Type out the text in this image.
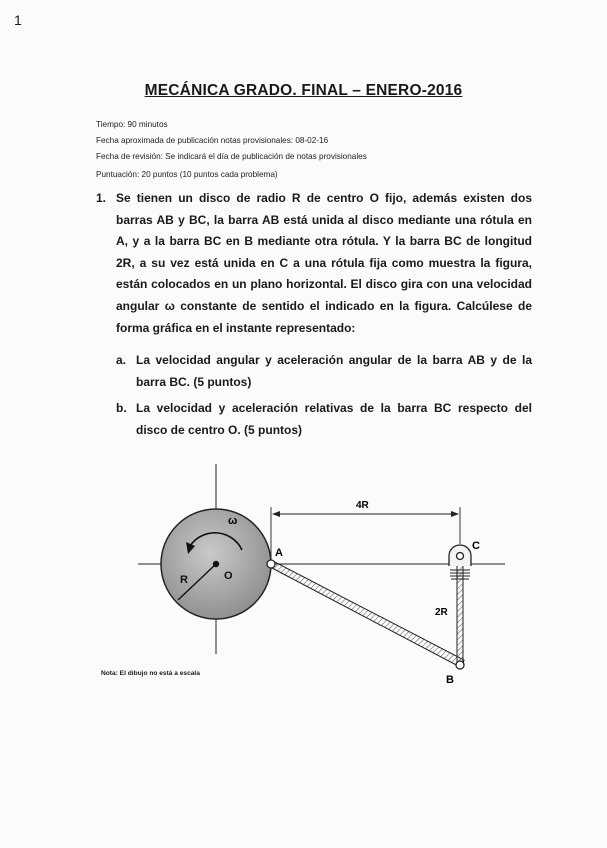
1
MECÁNICA GRADO. FINAL – ENERO-2016
Tiempo: 90 minutos
Fecha aproximada de publicación notas provisionales: 08-02-16
Fecha de revisión: Se indicará el día de publicación de notas provisionales
Puntuación: 20 puntos (10 puntos cada problema)
1. Se tienen un disco de radio R de centro O fijo, además existen dos barras AB y BC, la barra AB está unida al disco mediante una rótula en A, y a la barra BC en B mediante otra rótula. Y la barra BC de longitud 2R, a su vez está unida en C a una rótula fija como muestra la figura, están colocados en un plano horizontal. El disco gira con una velocidad angular ω constante de sentido el indicado en la figura. Calcúlese de forma gráfica en el instante representado:
a. La velocidad angular y aceleración angular de la barra AB y de la barra BC. (5 puntos)
b. La velocidad y aceleración relativas de la barra BC respecto del disco de centro O. (5 puntos)
ω
R	O
4R
A
C
B
2R
Nota: El dibujo no está a escala
